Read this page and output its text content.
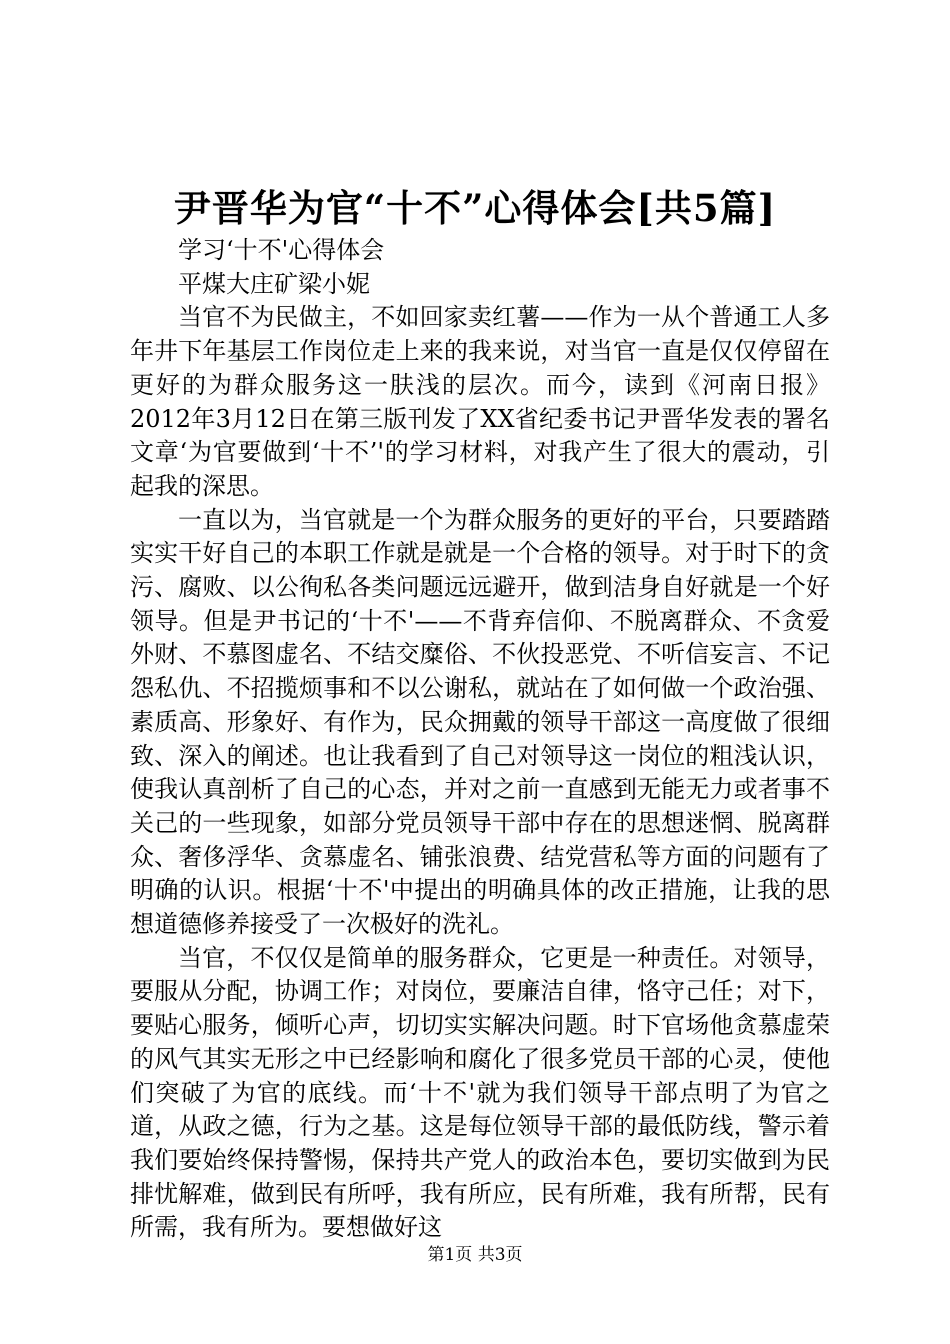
尹晋华为官“十不”心得体会[共5篇]
学习‘十不'心得体会
平煤大庄矿梁小妮

当官不为民做主，不如回家卖红薯——作为一从个普通工人多年井下年基层工作岗位走上来的我来说，对当官一直是仅仅停留在更好的为群众服务这一肤浅的层次。而今，读到《河南日报》2012年3月12日在第三版刊发了XX省纪委书记尹晋华发表的署名文章‘为官要做到‘十不’'的学习材料，对我产生了很大的震动，引起我的深思。

一直以为，当官就是一个为群众服务的更好的平台，只要踏踏实实干好自己的本职工作就是就是一个合格的领导。对于时下的贪污、腐败、以公徇私各类问题远远避开，做到洁身自好就是一个好领导。但是尹书记的‘十不'——不背弃信仰、不脱离群众、不贪爱外财、不慕图虚名、不结交糜俗、不伙投恶党、不听信妄言、不记怨私仇、不招揽烦事和不以公谢私，就站在了如何做一个政治强、素质高、形象好、有作为，民众拥戴的领导干部这一高度做了很细致、深入的阐述。也让我看到了自己对领导这一岗位的粗浅认识，使我认真剖析了自己的心态，并对之前一直感到无能无力或者事不关己的一些现象，如部分党员领导干部中存在的思想迷惘、脱离群众、奢侈浮华、贪慕虚名、铺张浪费、结党营私等方面的问题有了明确的认识。根据‘十不'中提出的明确具体的改正措施，让我的思想道德修养接受了一次极好的洗礼。

当官，不仅仅是简单的服务群众，它更是一种责任。对领导，要服从分配，协调工作；对岗位，要廉洁自律，恪守己任；对下，要贴心服务，倾听心声，切切实实解决问题。时下官场他贪慕虚荣的风气其实无形之中已经影响和腐化了很多党员干部的心灵，使他们突破了为官的底线。而‘十不'就为我们领导干部点明了为官之道，从政之德，行为之基。这是每位领导干部的最低防线，警示着我们要始终保持警惕，保持共产党人的政治本色，要切实做到为民排忧解难，做到民有所呼，我有所应，民有所难，我有所帮，民有所需，我有所为。要想做好这

第1页 共3页
